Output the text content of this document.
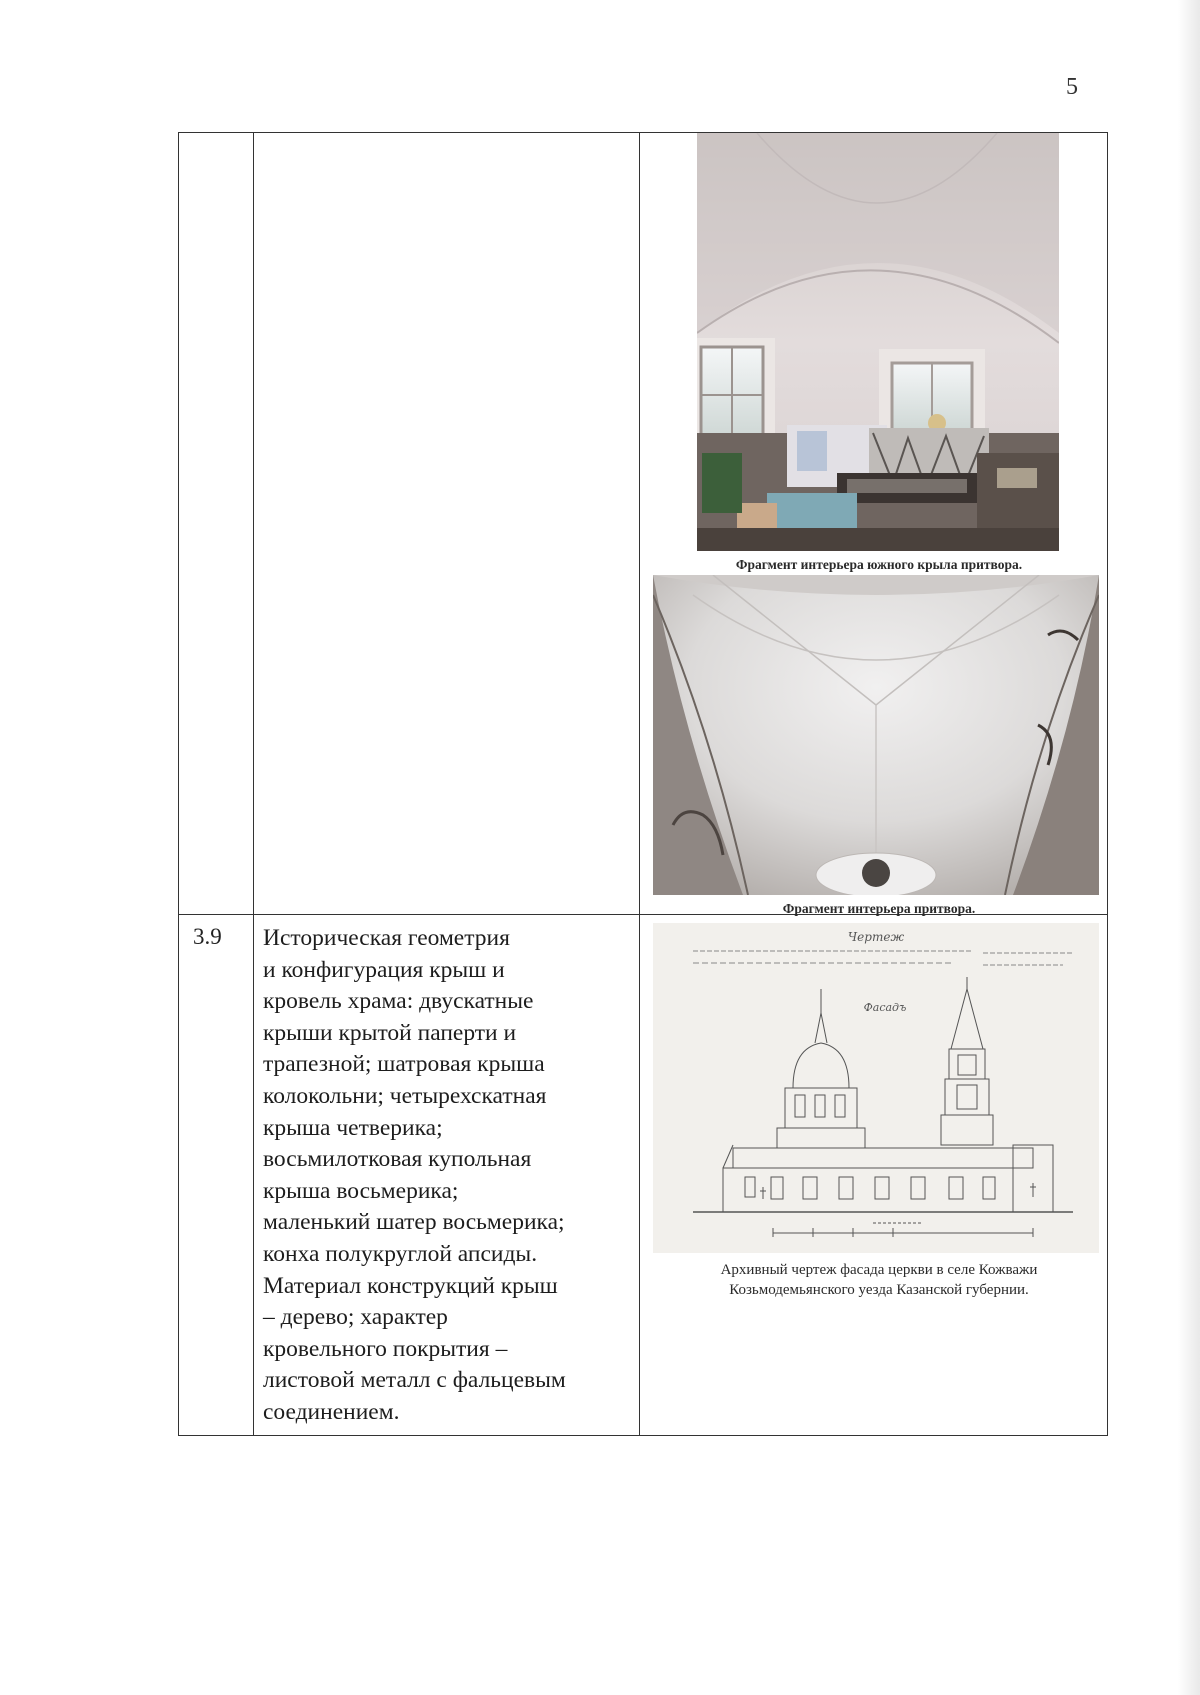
5
3.9 Историческая геометрия
и конфигурация крыш и
кровель храма: двускатные
крыши крытой паперти и
трапезной; шатровая крыша
колокольни; четырехскатная
крыша четверика;
восьмилотковая купольная
крыша восьмерика;
маленький шатер восьмерика;
конха полукруглой апсиды.
Материал конструкций крыш
– дерево; характер
кровельного покрытия –
листовой металл с фальцевым
соединением.
Фрагмент интерьера южного крыла притвора.
Фрагмент интерьера притвора.
Чертеж
Фасадъ
Архивный чертеж фасада церкви в селе Кожважи
Козьмодемьянского уезда Казанской губернии.
